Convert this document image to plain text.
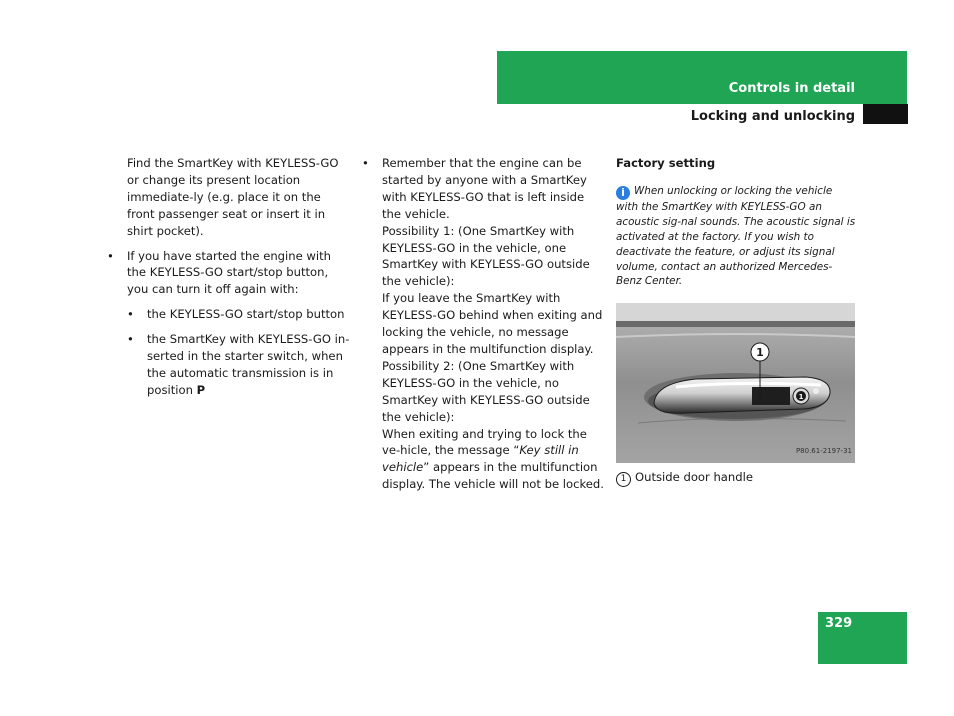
Controls in detail
Locking and unlocking

Find the SmartKey with KEYLESS-GO or change its present location immediate-ly (e.g. place it on the front passenger seat or insert it in shirt pocket).

•	If you have started the engine with the KEYLESS-GO start/stop button, you can turn it off again with:
•	the KEYLESS-GO start/stop button
•	the SmartKey with KEYLESS-GO in-serted in the starter switch, when the automatic transmission is in position P
•	Remember that the engine can be started by anyone with a SmartKey with KEYLESS-GO that is left inside the vehicle.
Possibility 1: (One SmartKey with KEYLESS-GO in the vehicle, one SmartKey with KEYLESS-GO outside the vehicle):
If you leave the SmartKey with KEYLESS-GO behind when exiting and locking the vehicle, no message appears in the multifunction display.
Possibility 2: (One SmartKey with KEYLESS-GO in the vehicle, no SmartKey with KEYLESS-GO outside the vehicle):
When exiting and trying to lock the ve-hicle, the message “Key still in vehicle” appears in the multifunction display. The vehicle will not be locked.
Factory setting
i When unlocking or locking the vehicle with the SmartKey with KEYLESS-GO an acoustic sig-nal sounds. The acoustic signal is activated at the factory. If you wish to deactivate the feature, or adjust its signal volume, contact an authorized Mercedes-Benz Center.
1
1
P80.61-2197-31
1 Outside door handle
329
